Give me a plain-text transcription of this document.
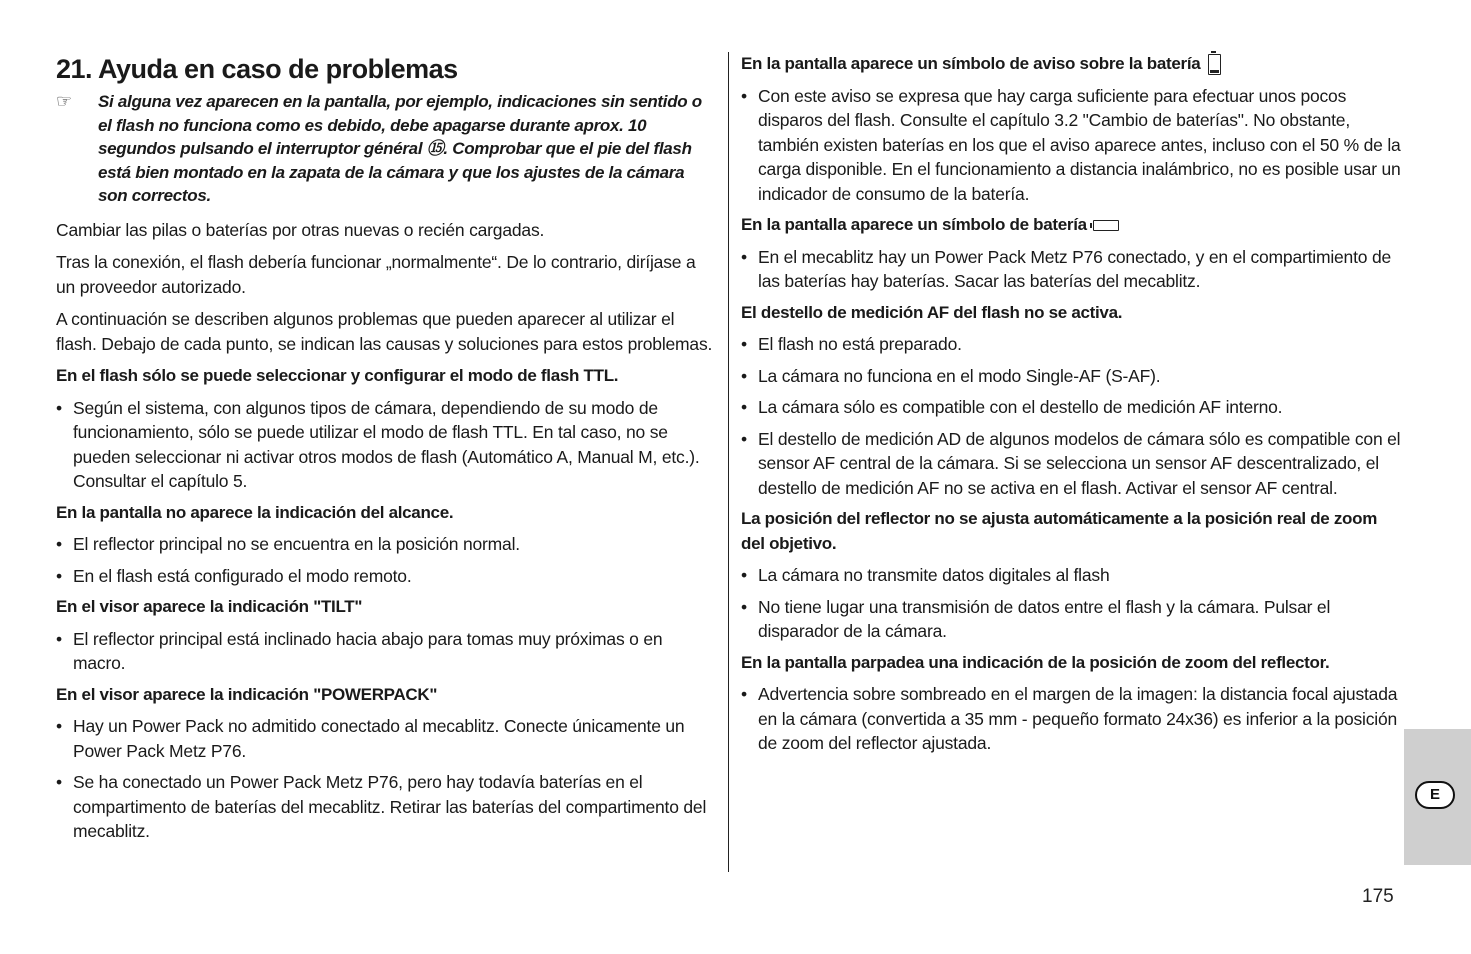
21. Ayuda en caso de problemas
☞	Si alguna vez aparecen en la pantalla, por ejemplo, indicaciones sin sentido o el flash no funciona como es debido, debe apagarse durante aprox. 10 segundos pulsando el interruptor général ⑮. Comprobar que el pie del flash está bien montado en la zapata de la cámara y que los ajustes de la cámara son correctos.

Cambiar las pilas o baterías por otras nuevas o recién cargadas.

Tras la conexión, el flash debería funcionar „normalmente“. De lo contrario, diríjase a un proveedor autorizado.

A continuación se describen algunos problemas que pueden aparecer al utilizar el flash. Debajo de cada punto, se indican las causas y soluciones para estos problemas.

En el flash sólo se puede seleccionar y configurar el modo de flash TTL.
• Según el sistema, con algunos tipos de cámara, dependiendo de su modo de funcionamiento, sólo se puede utilizar el modo de flash TTL. En tal caso, no se pueden seleccionar ni activar otros modos de flash (Automático A, Manual M, etc.). Consultar el capítulo 5.
En la pantalla no aparece la indicación del alcance.
• El reflector principal no se encuentra en la posición normal.
• En el flash está configurado el modo remoto.
En el visor aparece la indicación "TILT"
• El reflector principal está inclinado hacia abajo para tomas muy próximas o en macro.
En el visor aparece la indicación "POWERPACK"
• Hay un Power Pack no admitido conectado al mecablitz. Conecte únicamente un Power Pack Metz P76.
• Se ha conectado un Power Pack Metz P76, pero hay todavía baterías en el compartimento de baterías del mecablitz. Retirar las baterías del compartimento del mecablitz.
En la pantalla aparece un símbolo de aviso sobre la batería
• Con este aviso se expresa que hay carga suficiente para efectuar unos pocos disparos del flash. Consulte el capítulo 3.2 "Cambio de baterías". No obstante, también existen baterías en los que el aviso aparece antes, incluso con el 50 % de la carga disponible. En el funcionamiento a distancia inalámbrico, no es posible usar un indicador de consumo de la batería.
En la pantalla aparece un símbolo de batería
• En el mecablitz hay un Power Pack Metz P76 conectado, y en el compartimiento de las baterías hay baterías. Sacar las baterías del mecablitz.
El destello de medición AF del flash no se activa.
• El flash no está preparado.
• La cámara no funciona en el modo Single-AF (S-AF).
• La cámara sólo es compatible con el destello de medición AF interno.
• El destello de medición AD de algunos modelos de cámara sólo es compatible con el sensor AF central de la cámara. Si se selecciona un sensor AF descentralizado, el destello de medición AF no se activa en el flash. Activar el sensor AF central.
La posición del reflector no se ajusta automáticamente a la posición real de zoom del objetivo.
• La cámara no transmite datos digitales al flash
• No tiene lugar una transmisión de datos entre el flash y la cámara. Pulsar el disparador de la cámara.
En la pantalla parpadea una indicación de la posición de zoom del reflector.
• Advertencia sobre sombreado en el margen de la imagen: la distancia focal ajustada en la cámara (convertida a 35 mm - pequeño formato 24x36) es inferior a la posición de zoom del reflector ajustada.
E
175
